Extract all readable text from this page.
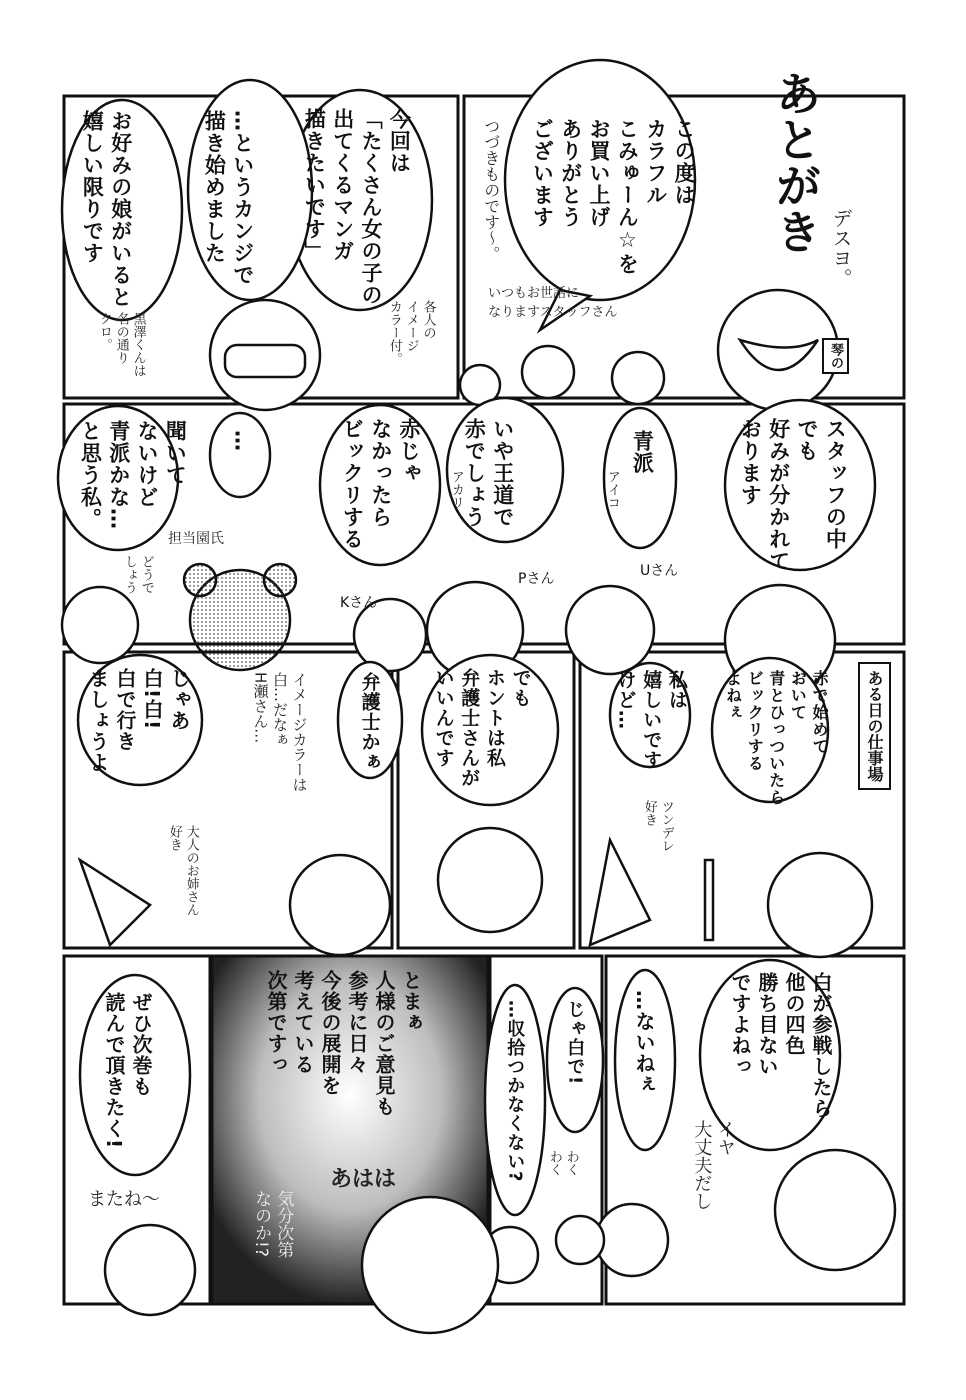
あとがき デスヨ。
琴の
この度は
カラフル
こみゅーん☆を
お買い上げ
ありがとう
ございます
つづきものです～。
いつもお世話に
なりますスタッフさん
今回は
「たくさん女の子の
出てくるマンガ
描きたいです」
各人の
イメージ
カラー付。
…というカンジで
描き始めました
お好みの娘がいると
嬉しい限りです
黒澤くんは
名の通り
クロ。
スタッフの中
でも
好みが分かれて
おります
青派
アイコ
いや王道で
赤でしょう
アカリ
赤じゃ
なかったら
ビックリする
…
聞いて
ないけど
青派かな…
と思う私。
担当園氏
どうで
しょう	Uさん
Pさん
Kさん
ある日の仕事場
赤で始めて
おいて
青とひっついたら
ビックリする
よねぇ
私は
嬉しいです
けど…
ツンデレ
好き
でも
ホントは私
弁護士さんが
いいんです
弁護士かぁ
イメージカラーは
白…だなぁ
H瀬さん…
じゃあ
白!白!
白で行き
ましょうよ
大人のお姉さん
好き
白が参戦したら
他の四色
勝ち目ない
ですよねっ
イヤ
大丈夫だし
…ないねぇ
じゃ白で!
わく
わく
…収拾つかなくない?
とまぁ
人様のご意見も
参考に日々
今後の展開を
考えている
次第ですっ
あはは
気分次第
なのか!?
ぜひ次巻も
読んで頂きたく!
またね～
